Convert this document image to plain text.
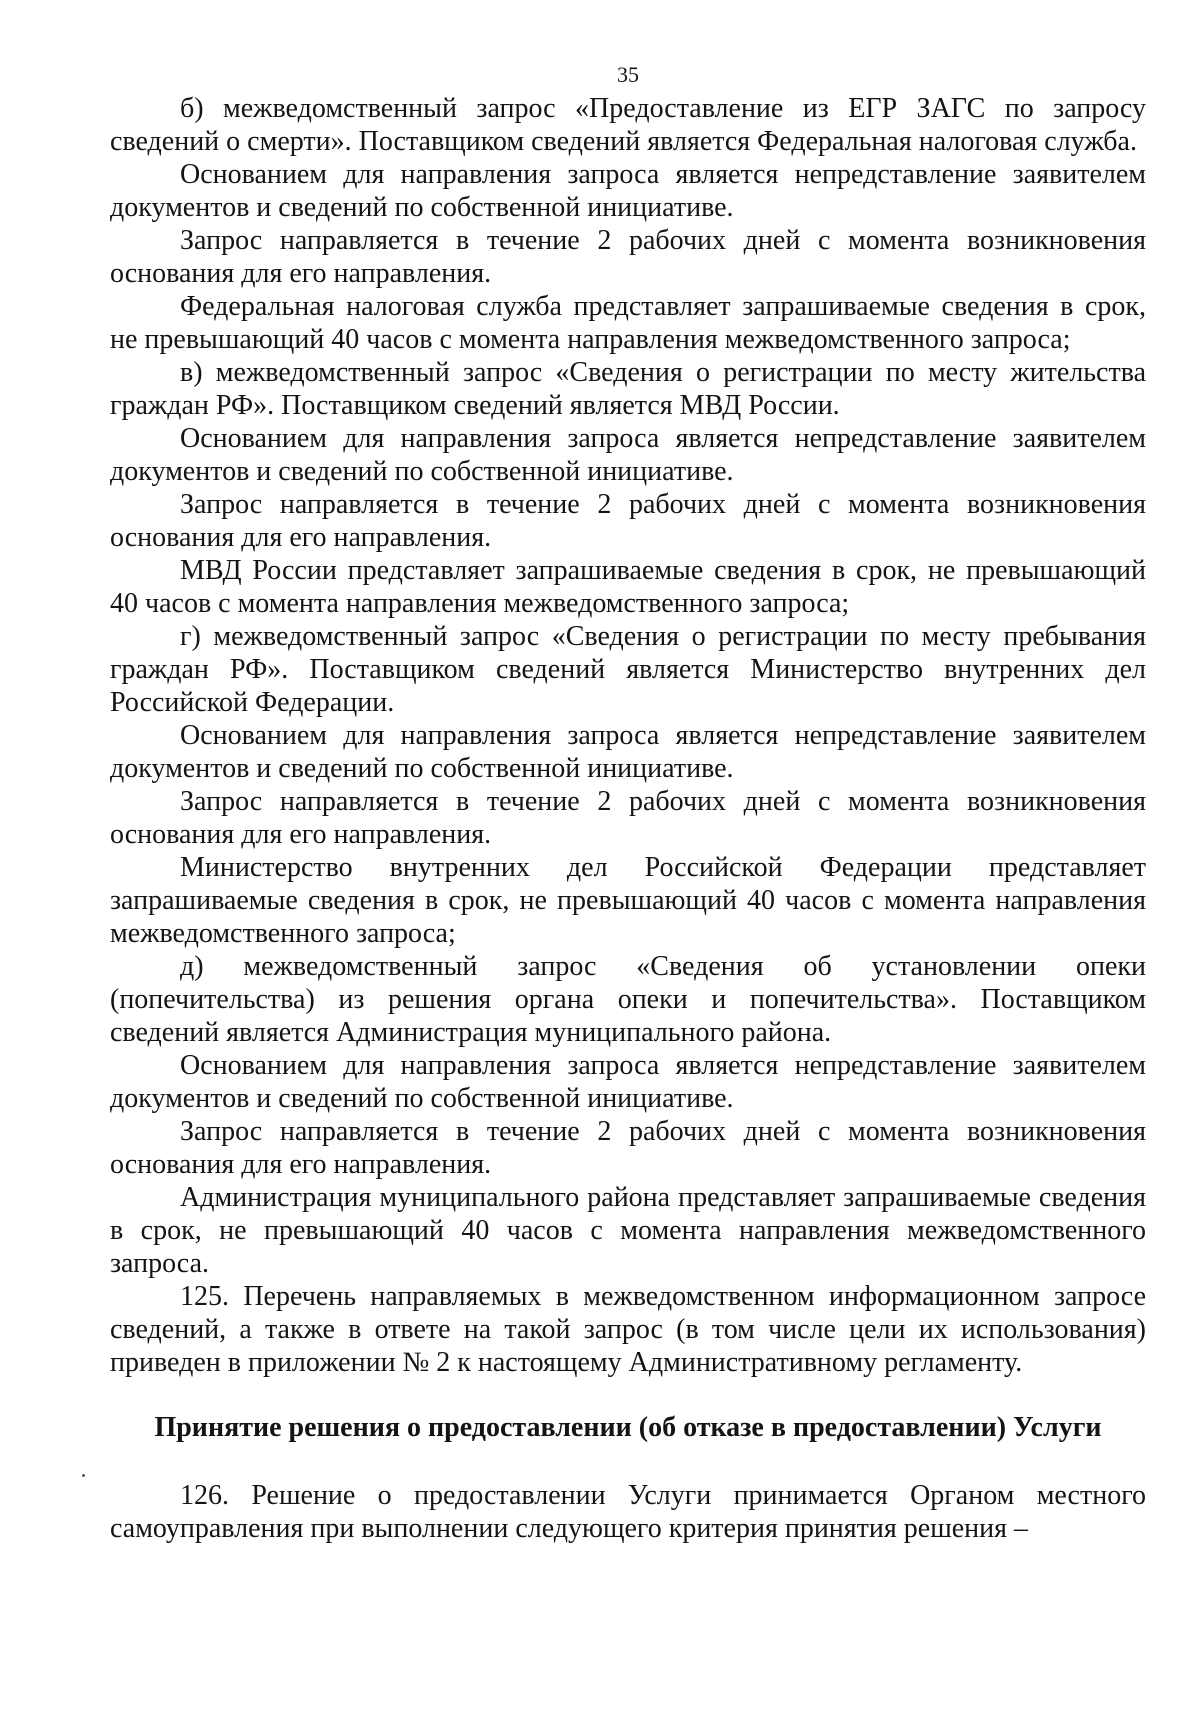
35

б) межведомственный запрос «Предоставление из ЕГР ЗАГС по запросу сведений о смерти». Поставщиком сведений является Федеральная налоговая служба.

Основанием для направления запроса является непредставление заявителем документов и сведений по собственной инициативе.

Запрос направляется в течение 2 рабочих дней с момента возникновения основания для его направления.

Федеральная налоговая служба представляет запрашиваемые сведения в срок, не превышающий 40 часов с момента направления межведомственного запроса;

в) межведомственный запрос «Сведения о регистрации по месту жительства граждан РФ». Поставщиком сведений является МВД России.

Основанием для направления запроса является непредставление заявителем документов и сведений по собственной инициативе.

Запрос направляется в течение 2 рабочих дней с момента возникновения основания для его направления.

МВД России представляет запрашиваемые сведения в срок, не превышающий 40 часов с момента направления межведомственного запроса;

г) межведомственный запрос «Сведения о регистрации по месту пребывания граждан РФ». Поставщиком сведений является Министерство внутренних дел Российской Федерации.

Основанием для направления запроса является непредставление заявителем документов и сведений по собственной инициативе.

Запрос направляется в течение 2 рабочих дней с момента возникновения основания для его направления.

Министерство внутренних дел Российской Федерации представляет запрашиваемые сведения в срок, не превышающий 40 часов с момента направления межведомственного запроса;

д) межведомственный запрос «Сведения об установлении опеки (попечительства) из решения органа опеки и попечительства». Поставщиком сведений является Администрация муниципального района.

Основанием для направления запроса является непредставление заявителем документов и сведений по собственной инициативе.

Запрос направляется в течение 2 рабочих дней с момента возникновения основания для его направления.

Администрация муниципального района представляет запрашиваемые сведения в срок, не превышающий 40 часов с момента направления межведомственного запроса.

125. Перечень направляемых в межведомственном информационном запросе сведений, а также в ответе на такой запрос (в том числе цели их использования) приведен в приложении № 2 к настоящему Административному регламенту.

Принятие решения о предоставлении (об отказе в предоставлении) Услуги

126. Решение о предоставлении Услуги принимается Органом местного самоуправления при выполнении следующего критерия принятия решения –
